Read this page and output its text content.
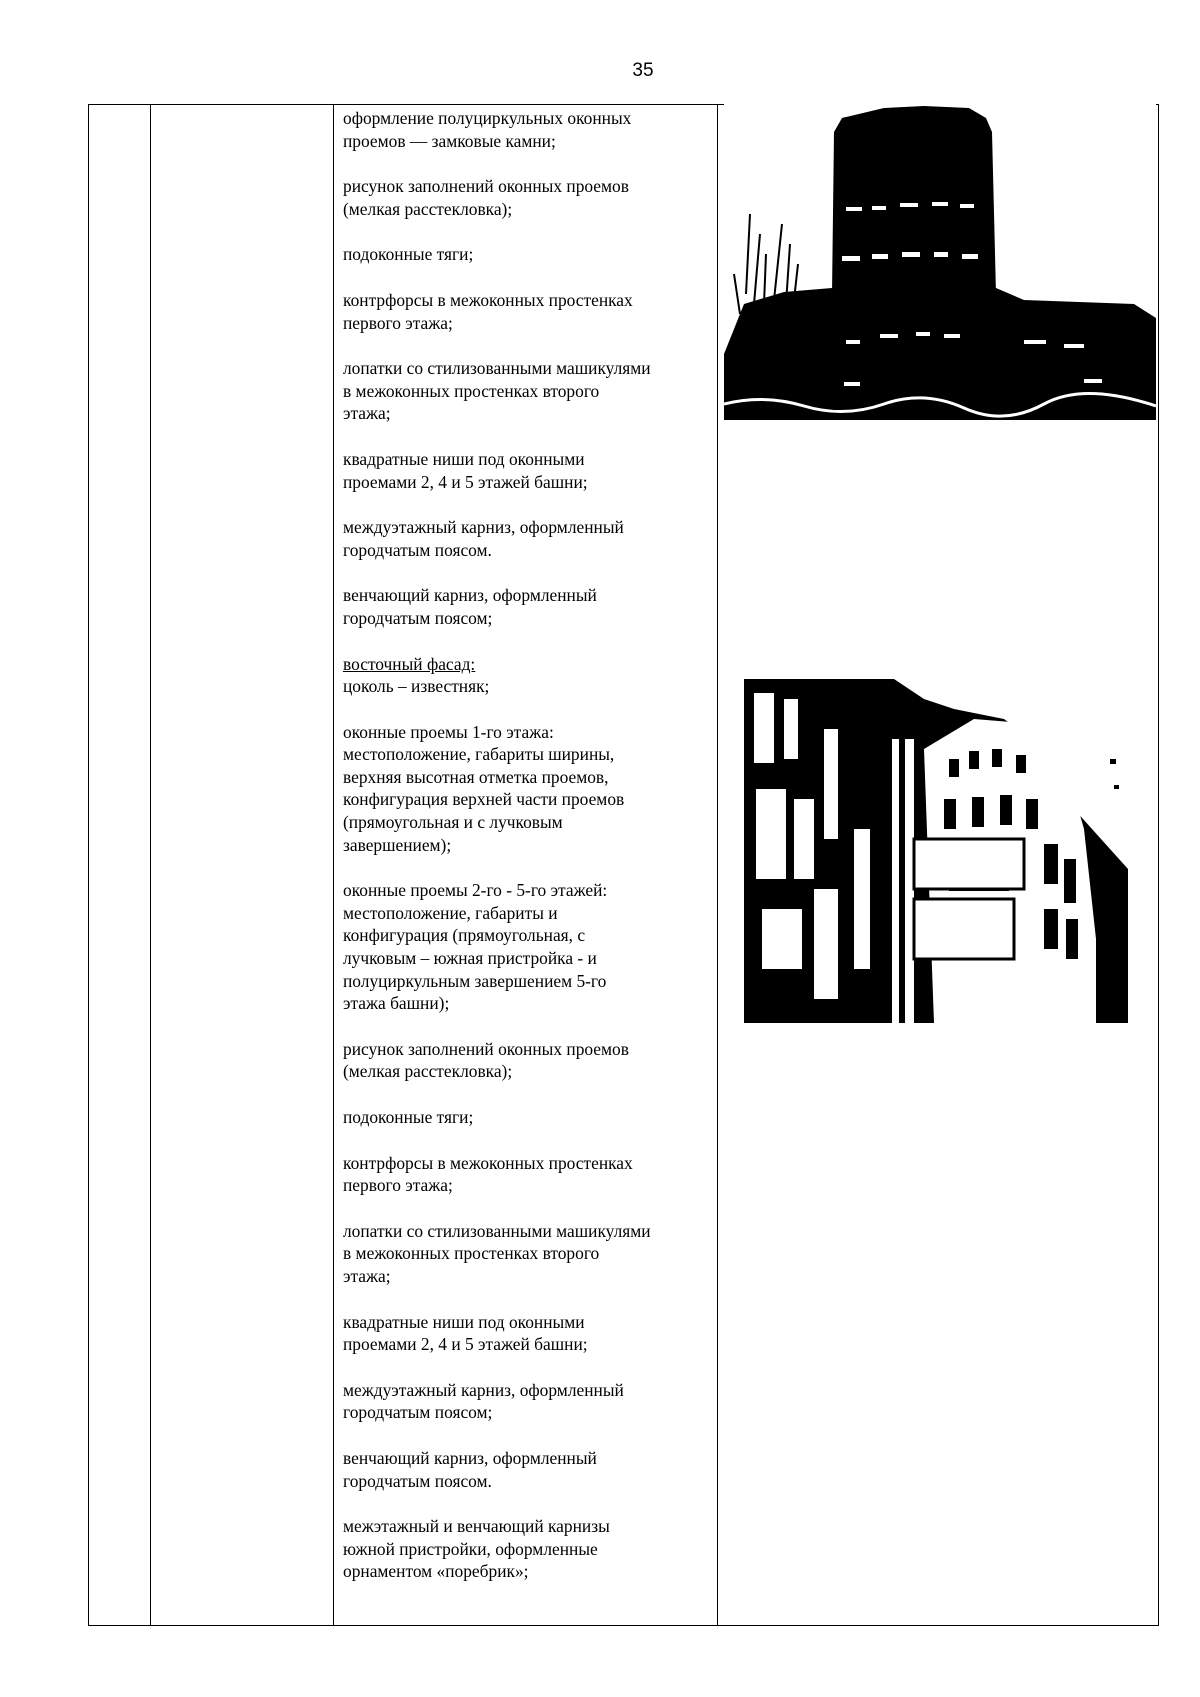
35

оформление полуциркульных оконных
проемов — замковые камни;

рисунок заполнений оконных проемов
(мелкая расстекловка);

подоконные тяги;

контрфорсы в межоконных простенках
первого этажа;

лопатки со стилизованными машикулями
в межоконных простенках второго
этажа;

квадратные ниши под оконными
проемами 2, 4 и 5 этажей башни;

междуэтажный карниз, оформленный
городчатым поясом.

венчающий карниз, оформленный
городчатым поясом;

восточный фасад:

цоколь – известняк;

оконные проемы 1-го этажа:
местоположение, габариты ширины,
верхняя высотная отметка проемов,
конфигурация верхней части проемов
(прямоугольная и с лучковым
завершением);

оконные проемы 2-го - 5-го этажей:
местоположение, габариты и
конфигурация (прямоугольная, с
лучковым – южная пристройка - и
полуциркульным завершением 5-го
этажа башни);

рисунок заполнений оконных проемов
(мелкая расстекловка);

подоконные тяги;

контрфорсы в межоконных простенках
первого этажа;

лопатки со стилизованными машикулями
в межоконных простенках второго
этажа;

квадратные ниши под оконными
проемами 2, 4 и 5 этажей башни;

междуэтажный карниз, оформленный
городчатым поясом;

венчающий карниз, оформленный
городчатым поясом.

межэтажный и венчающий карнизы
южной пристройки, оформленные
орнаментом «поребрик»;
